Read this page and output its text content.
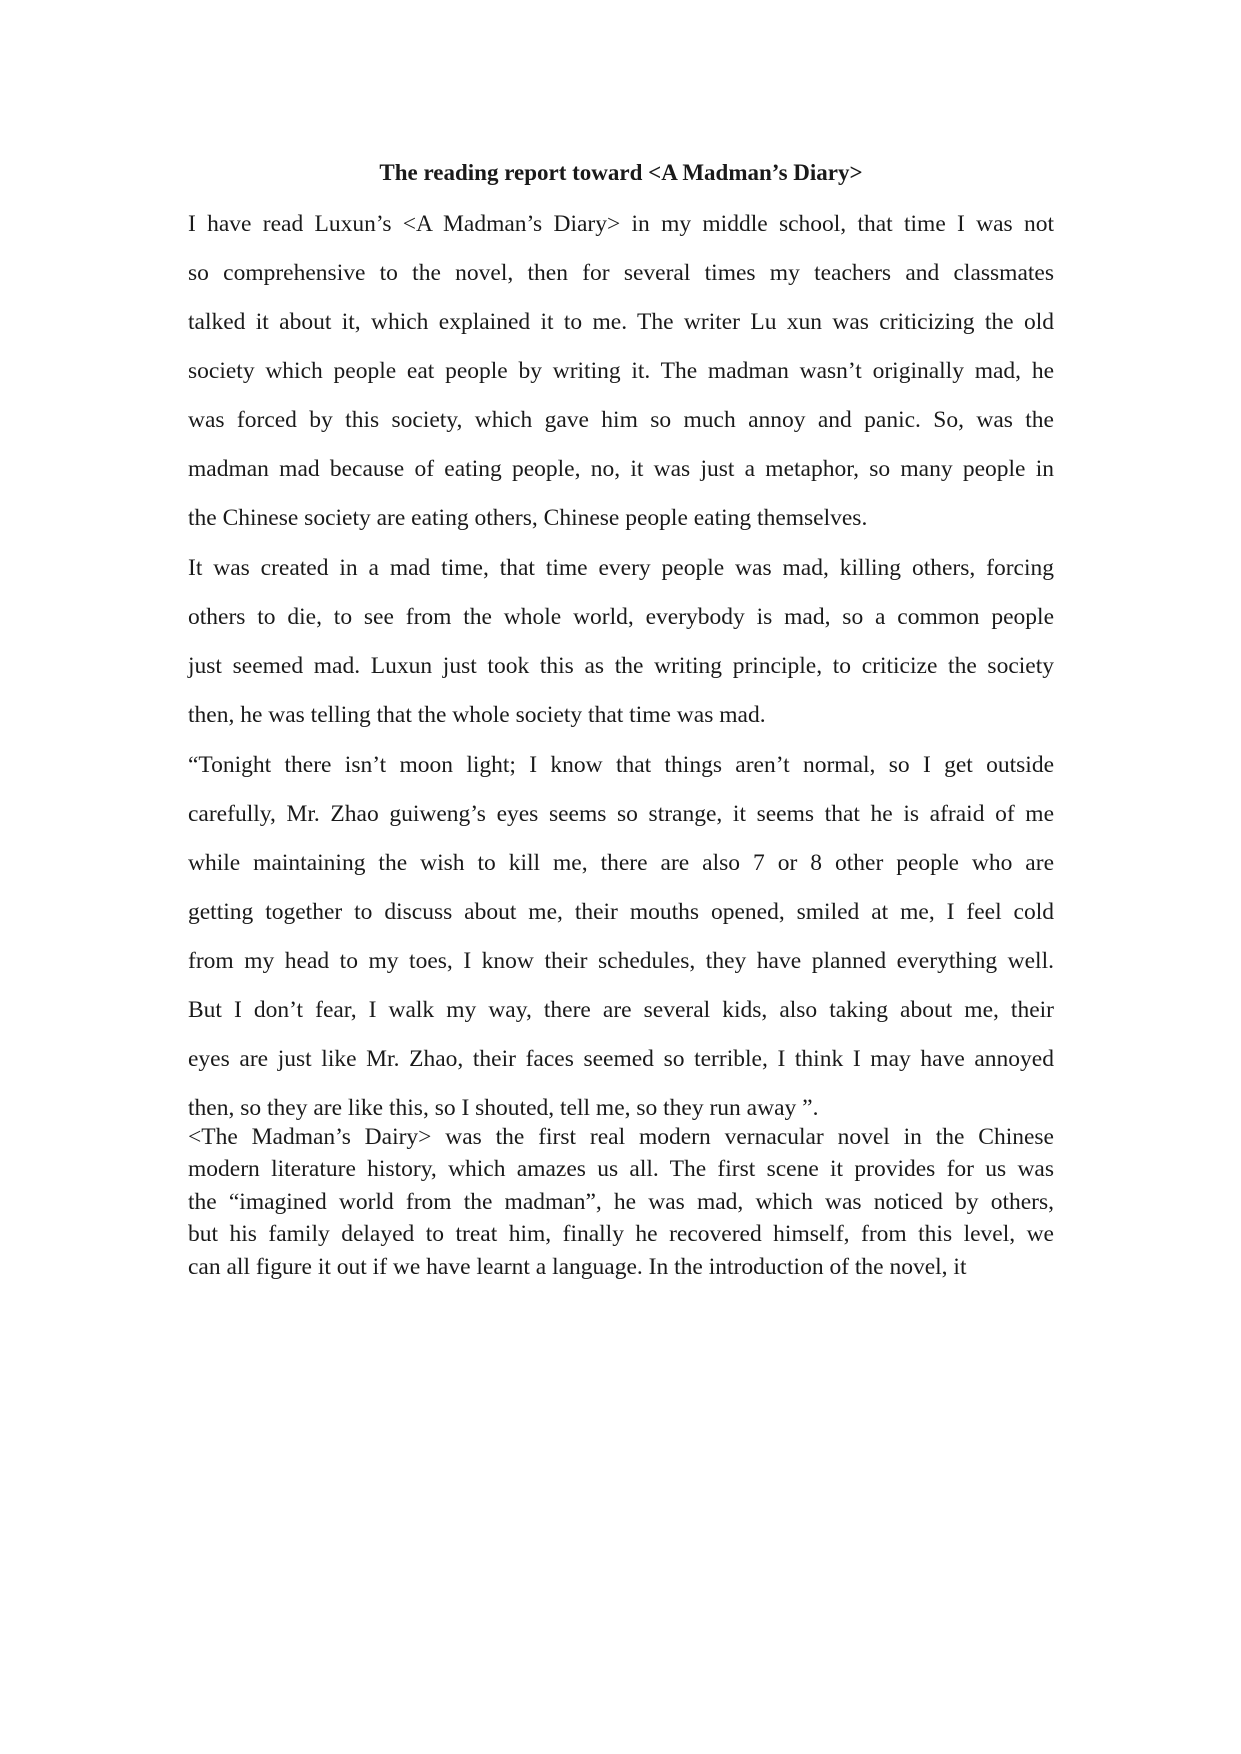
The reading report toward <A Madman’s Diary>
I have read Luxun’s <A Madman’s Diary> in my middle school, that time I was not
so comprehensive to the novel, then for several times my teachers and classmates
talked it about it, which explained it to me. The writer Lu xun was criticizing the old
society which people eat people by writing it. The madman wasn’t originally mad, he
was forced by this society, which gave him so much annoy and panic. So, was the
madman mad because of eating people, no, it was just a metaphor, so many people in
the Chinese society are eating others, Chinese people eating themselves.
It was created in a mad time, that time every people was mad, killing others, forcing
others to die, to see from the whole world, everybody is mad, so a common people
just seemed mad. Luxun just took this as the writing principle, to criticize the society
then, he was telling that the whole society that time was mad.
“Tonight there isn’t moon light; I know that things aren’t normal, so I get outside
carefully, Mr. Zhao guiweng’s eyes seems so strange, it seems that he is afraid of me
while maintaining the wish to kill me, there are also 7 or 8 other people who are
getting together to discuss about me, their mouths opened, smiled at me, I feel cold
from my head to my toes, I know their schedules, they have planned everything well.
But I don’t fear, I walk my way, there are several kids, also taking about me, their
eyes are just like Mr. Zhao, their faces seemed so terrible, I think I may have annoyed
then, so they are like this, so I shouted, tell me, so they run away ”.
<The Madman’s Dairy> was the first real modern vernacular novel in the Chinese
modern literature history, which amazes us all. The first scene it provides for us was
the “imagined world from the madman”, he was mad, which was noticed by others,
but his family delayed to treat him, finally he recovered himself, from this level, we
can all figure it out if we have learnt a language. In the introduction of the novel, it
